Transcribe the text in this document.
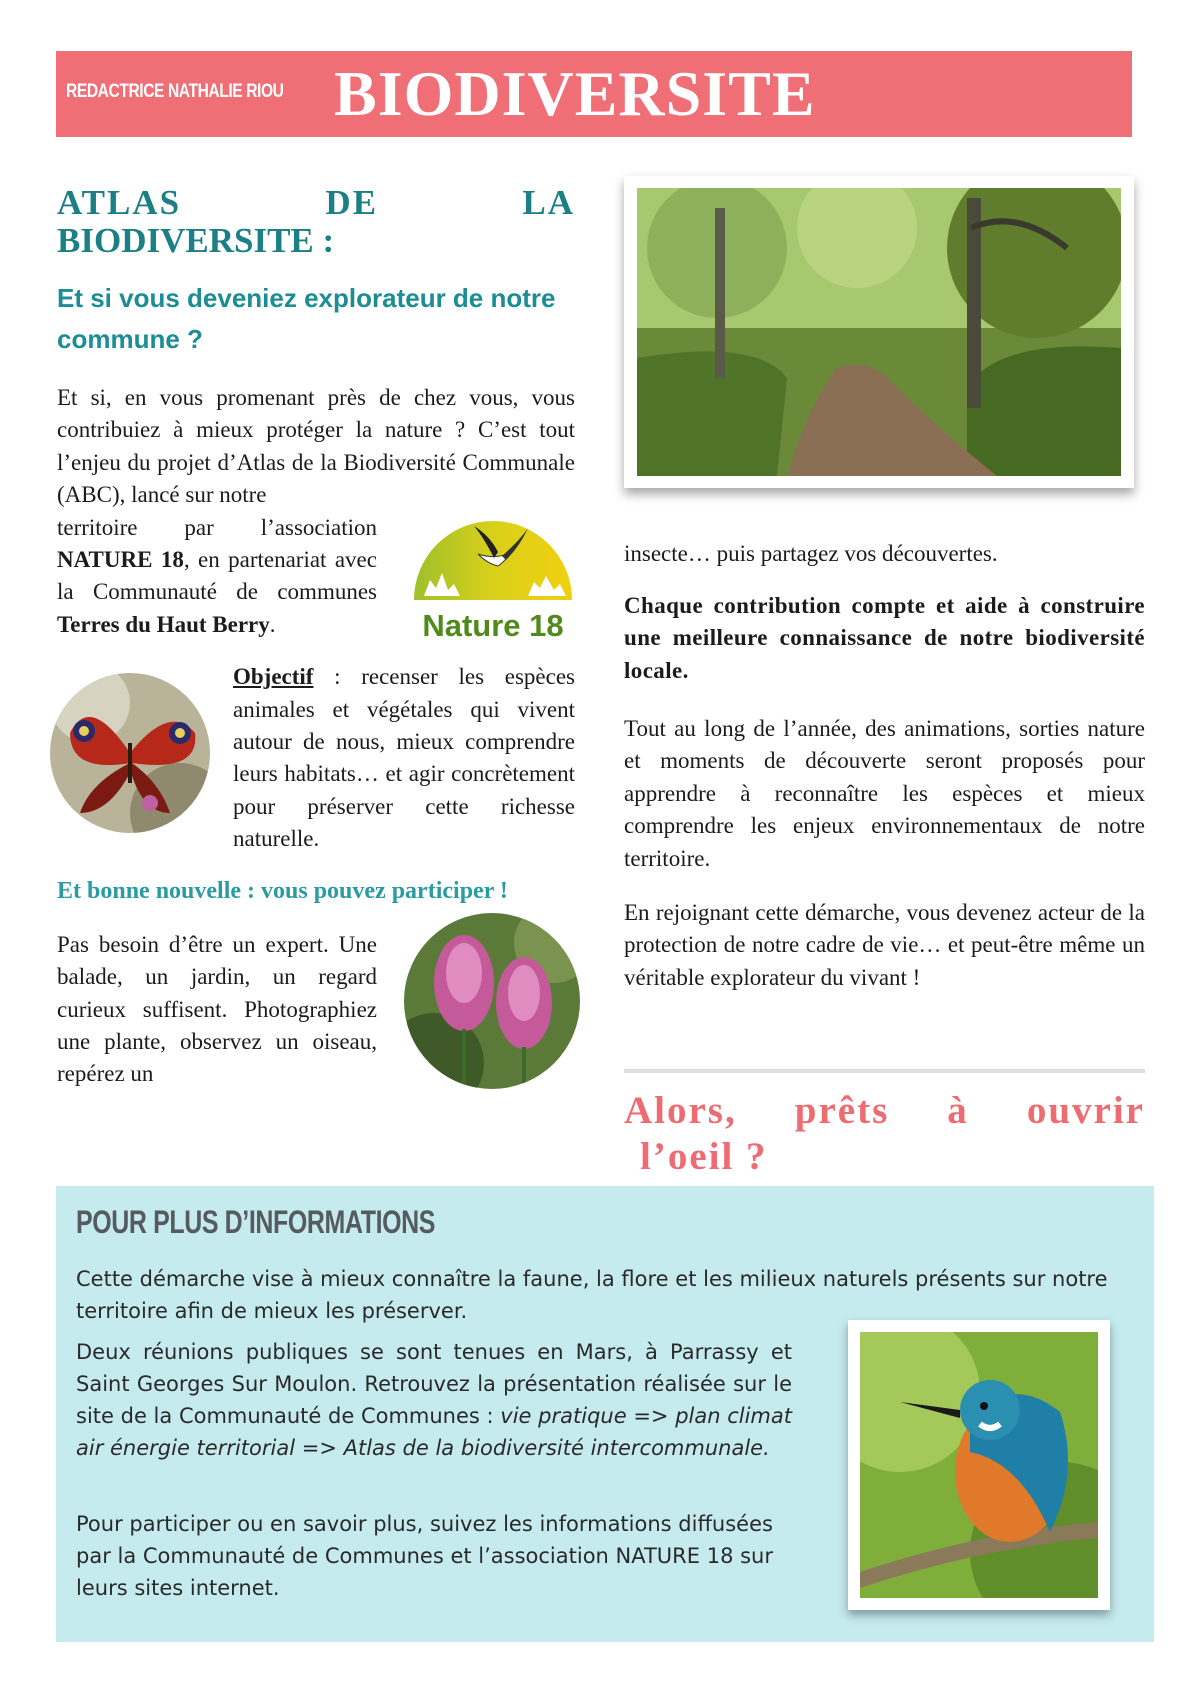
REDACTRICE NATHALIE RIOU BIODIVERSITE
ATLAS	DE	LA
BIODIVERSITE :
Et si vous deveniez explorateur de notre commune ?

Et si, en vous promenant près de chez vous, vous contribuiez à mieux protéger la nature ? C’est tout l’enjeu du projet d’Atlas de la Biodiversité Communale (ABC), lancé sur notre

territoire par l’association NATURE 18, en partenariat avec la Communauté de communes Terres du Haut Berry.	Nature 18

Objectif : recenser les espèces animales et végétales qui vivent autour de nous, mieux comprendre leurs habitats… et agir concrètement pour préserver cette richesse naturelle.

Et bonne nouvelle : vous pouvez participer !

Pas besoin d’être un expert. Une balade, un jardin, un regard curieux suffisent. Photographiez une plante, observez un oiseau, repérez un

insecte… puis partagez vos découvertes.

Chaque contribution compte et aide à construire une meilleure connaissance de notre biodiversité locale.

Tout au long de l’année, des animations, sorties nature et moments de découverte seront proposés pour apprendre à reconnaître les espèces et mieux comprendre les enjeux environnementaux de notre territoire.

En rejoignant cette démarche, vous devenez acteur de la protection de notre cadre de vie… et peut-être même un véritable explorateur du vivant !

Alors, prêts à ouvrir
l’oeil ?
POUR PLUS D’INFORMATIONS

Cette démarche vise à mieux connaître la faune, la flore et les milieux naturels présents sur notre territoire afin de mieux les préserver.

Deux réunions publiques se sont tenues en Mars, à Parrassy et Saint Georges Sur Moulon. Retrouvez la présentation réalisée sur le site de la Communauté de Communes : vie pratique => plan climat air énergie territorial => Atlas de la biodiversité intercommunale.

Pour participer ou en savoir plus, suivez les informations diffusées par la Communauté de Communes et l’association NATURE 18 sur leurs sites internet.
